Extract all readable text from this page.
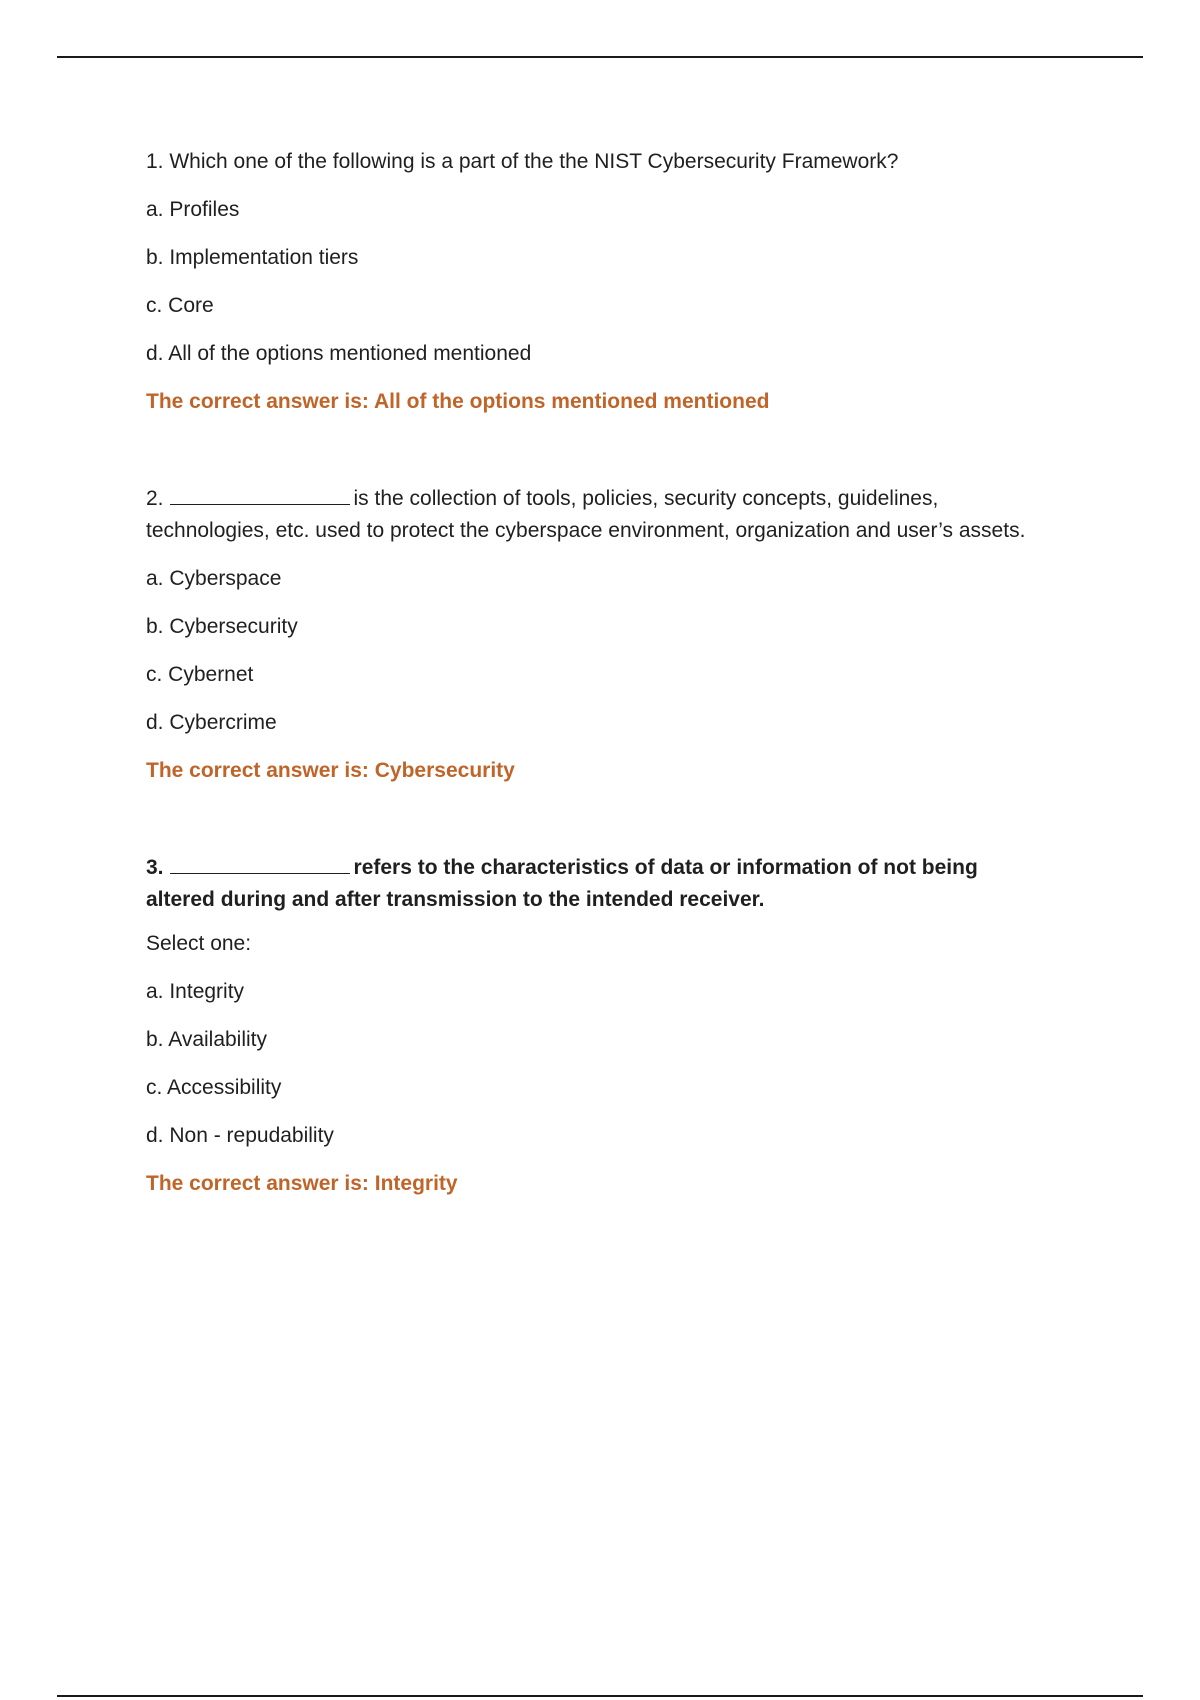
1. Which one of the following is a part of the the NIST Cybersecurity Framework?

a. Profiles

b. Implementation tiers

c. Core

d. All of the options mentioned mentioned

The correct answer is: All of the options mentioned mentioned

2.	is the collection of tools, policies, security concepts, guidelines, technologies, etc. used to protect the cyberspace environment, organization and user’s assets.

a. Cyberspace

b. Cybersecurity

c. Cybernet

d. Cybercrime

The correct answer is: Cybersecurity

3.	refers to the characteristics of data or information of not being altered during and after transmission to the intended receiver.

Select one:

a. Integrity

b. Availability

c. Accessibility

d. Non - repudability

The correct answer is: Integrity
